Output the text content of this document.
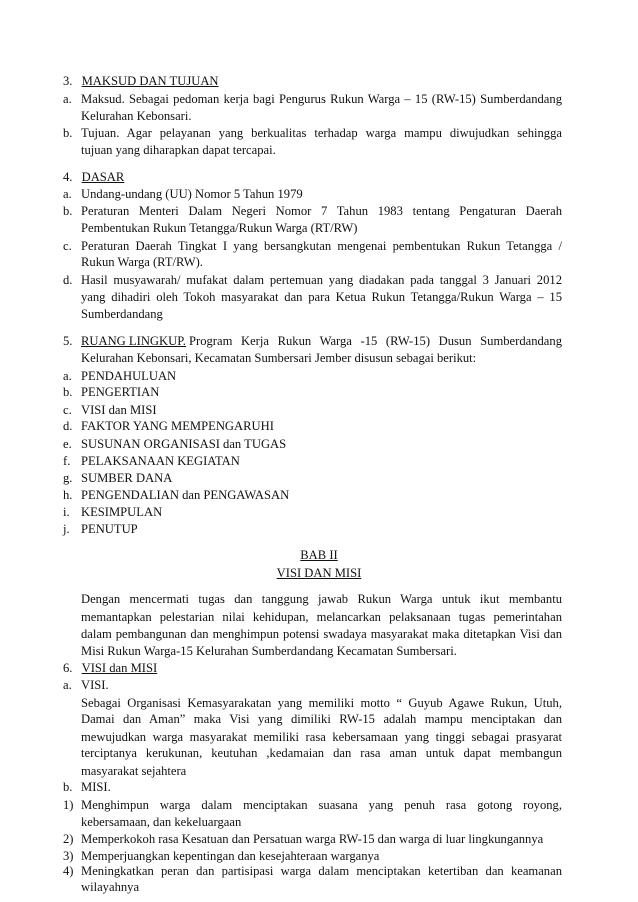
3. MAKSUD DAN TUJUAN
a. Maksud. Sebagai pedoman kerja bagi Pengurus Rukun Warga – 15 (RW-15) Sumberdandang
Kelurahan Kebonsari.
b. Tujuan. Agar pelayanan yang berkualitas terhadap warga mampu diwujudkan sehingga
tujuan yang diharapkan dapat tercapai.
4. DASAR
a. Undang-undang (UU) Nomor 5 Tahun 1979
b. Peraturan Menteri Dalam Negeri Nomor 7 Tahun 1983 tentang Pengaturan Daerah
Pembentukan Rukun Tetangga/Rukun Warga (RT/RW)
c. Peraturan Daerah Tingkat I yang bersangkutan mengenai pembentukan Rukun Tetangga /
Rukun Warga (RT/RW).
d. Hasil musyawarah/ mufakat dalam pertemuan yang diadakan pada tanggal 3 Januari 2012
yang dihadiri oleh Tokoh masyarakat dan para Ketua Rukun Tetangga/Rukun Warga – 15
Sumberdandang
5. RUANG LINGKUP. Program Kerja Rukun Warga -15 (RW-15) Dusun Sumberdandang
Kelurahan Kebonsari, Kecamatan Sumbersari Jember disusun sebagai berikut:
a. PENDAHULUAN
b. PENGERTIAN
c. VISI dan MISI
d. FAKTOR YANG MEMPENGARUHI
e. SUSUNAN ORGANISASI dan TUGAS
f. PELAKSANAAN KEGIATAN
g. SUMBER DANA
h. PENGENDALIAN dan PENGAWASAN
i. KESIMPULAN
j. PENUTUP
BAB II
VISI DAN MISI
Dengan mencermati tugas dan tanggung jawab Rukun Warga untuk ikut membantu
memantapkan pelestarian nilai kehidupan, melancarkan pelaksanaan tugas pemerintahan
dalam pembangunan dan menghimpun potensi swadaya masyarakat maka ditetapkan Visi dan
Misi Rukun Warga-15 Kelurahan Sumberdandang Kecamatan Sumbersari.
6. VISI dan MISI
a. VISI.
Sebagai Organisasi Kemasyarakatan yang memiliki motto “ Guyub Agawe Rukun, Utuh,
Damai dan Aman” maka Visi yang dimiliki RW-15 adalah mampu menciptakan dan
mewujudkan warga masyarakat memiliki rasa kebersamaan yang tinggi sebagai prasyarat
terciptanya kerukunan, keutuhan ,kedamaian dan rasa aman untuk dapat membangun
masyarakat sejahtera
b. MISI.
1) Menghimpun warga dalam menciptakan suasana yang penuh rasa gotong royong,
kebersamaan, dan kekeluargaan
2) Memperkokoh rasa Kesatuan dan Persatuan warga RW-15 dan warga di luar lingkungannya
3) Memperjuangkan kepentingan dan kesejahteraan warganya
4) Meningkatkan peran dan partisipasi warga dalam menciptakan ketertiban dan keamanan
wilayahnya
